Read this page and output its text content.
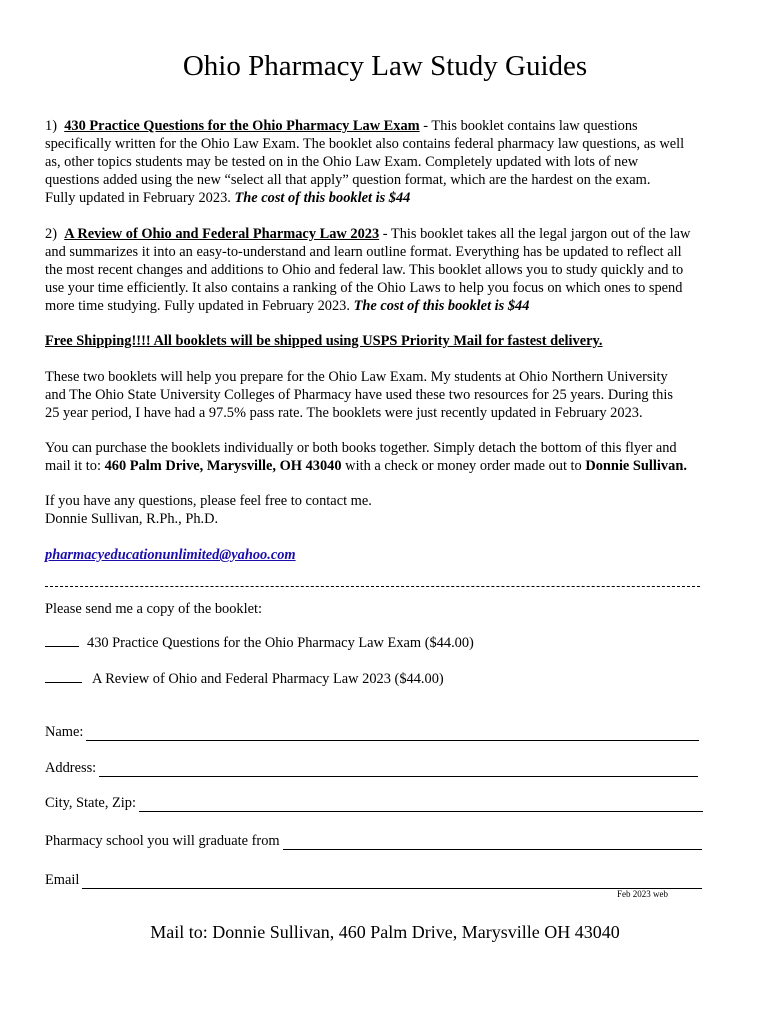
Ohio Pharmacy Law Study Guides
1) 430 Practice Questions for the Ohio Pharmacy Law Exam - This booklet contains law questions
specifically written for the Ohio Law Exam. The booklet also contains federal pharmacy law questions, as well
as, other topics students may be tested on in the Ohio Law Exam. Completely updated with lots of new
questions added using the new “select all that apply” question format, which are the hardest on the exam.
Fully updated in February 2023. The cost of this booklet is $44
2) A Review of Ohio and Federal Pharmacy Law 2023 - This booklet takes all the legal jargon out of the law
and summarizes it into an easy-to-understand and learn outline format. Everything has be updated to reflect all
the most recent changes and additions to Ohio and federal law. This booklet allows you to study quickly and to
use your time efficiently. It also contains a ranking of the Ohio Laws to help you focus on which ones to spend
more time studying. Fully updated in February 2023. The cost of this booklet is $44
Free Shipping!!!! All booklets will be shipped using USPS Priority Mail for fastest delivery.
These two booklets will help you prepare for the Ohio Law Exam. My students at Ohio Northern University
and The Ohio State University Colleges of Pharmacy have used these two resources for 25 years. During this
25 year period, I have had a 97.5% pass rate. The booklets were just recently updated in February 2023.
You can purchase the booklets individually or both books together. Simply detach the bottom of this flyer and
mail it to: 460 Palm Drive, Marysville, OH 43040 with a check or money order made out to Donnie Sullivan.
If you have any questions, please feel free to contact me.
Donnie Sullivan, R.Ph., Ph.D.
pharmacyeducationunlimited@yahoo.com
Please send me a copy of the booklet:
430 Practice Questions for the Ohio Pharmacy Law Exam ($44.00)
A Review of Ohio and Federal Pharmacy Law 2023 ($44.00)
Name:
Address:
City, State, Zip:
Pharmacy school you will graduate from
Email
Feb 2023 web
Mail to: Donnie Sullivan, 460 Palm Drive, Marysville OH 43040
